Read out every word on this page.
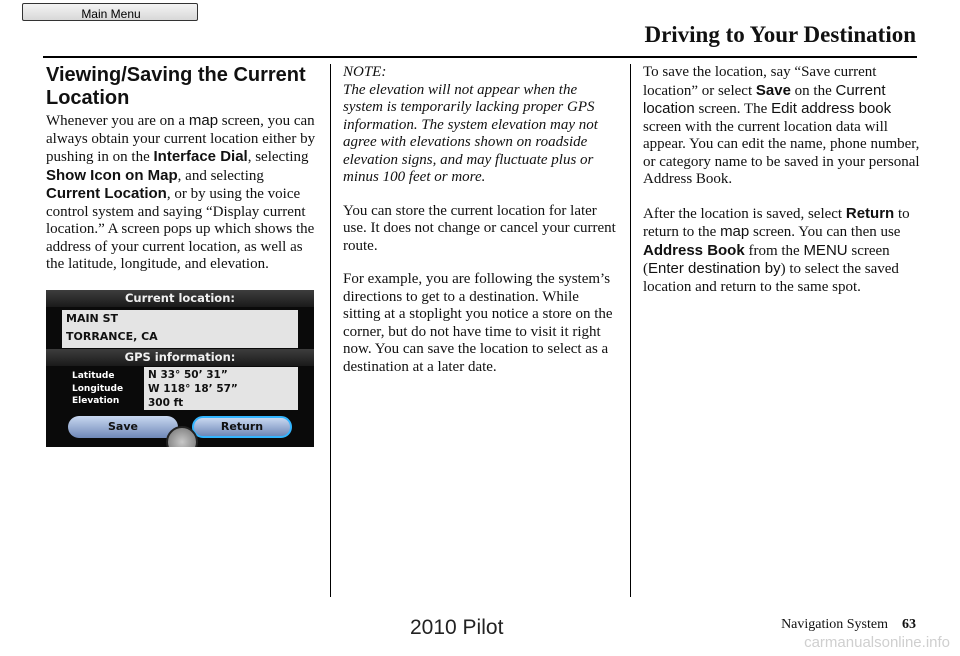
Main Menu
Driving to Your Destination
Viewing/Saving the Current Location

Whenever you are on a map screen, you can always obtain your current location either by pushing in on the Interface Dial, selecting Show Icon on Map, and selecting Current Location, or by using the voice control system and saying “Display current location.” A screen pops up which shows the address of your current location, as well as the latitude, longitude, and elevation.

Current location:
MAIN ST
TORRANCE, CA
GPS information:
Latitude
Longitude
Elevation
N 33° 50’ 31”
W 118° 18’ 57”
300 ft
Save	Return
NOTE:
The elevation will not appear when the system is temporarily lacking proper GPS information. The system elevation may not agree with elevations shown on roadside elevation signs, and may fluctuate plus or minus 100 feet or more.

You can store the current location for later use. It does not change or cancel your current route.

For example, you are following the system’s directions to get to a destination. While sitting at a stoplight you notice a store on the corner, but do not have time to visit it right now. You can save the location to select as a destination at a later date.

To save the location, say “Save current location” or select Save on the Current location screen. The Edit address book screen with the current location data will appear. You can edit the name, phone number, or category name to be saved in your personal Address Book.

After the location is saved, select Return to return to the map screen. You can then use Address Book from the MENU screen (Enter destination by) to select the saved location and return to the same spot.

Navigation System 63
2010 Pilot
carmanualsonline.info
